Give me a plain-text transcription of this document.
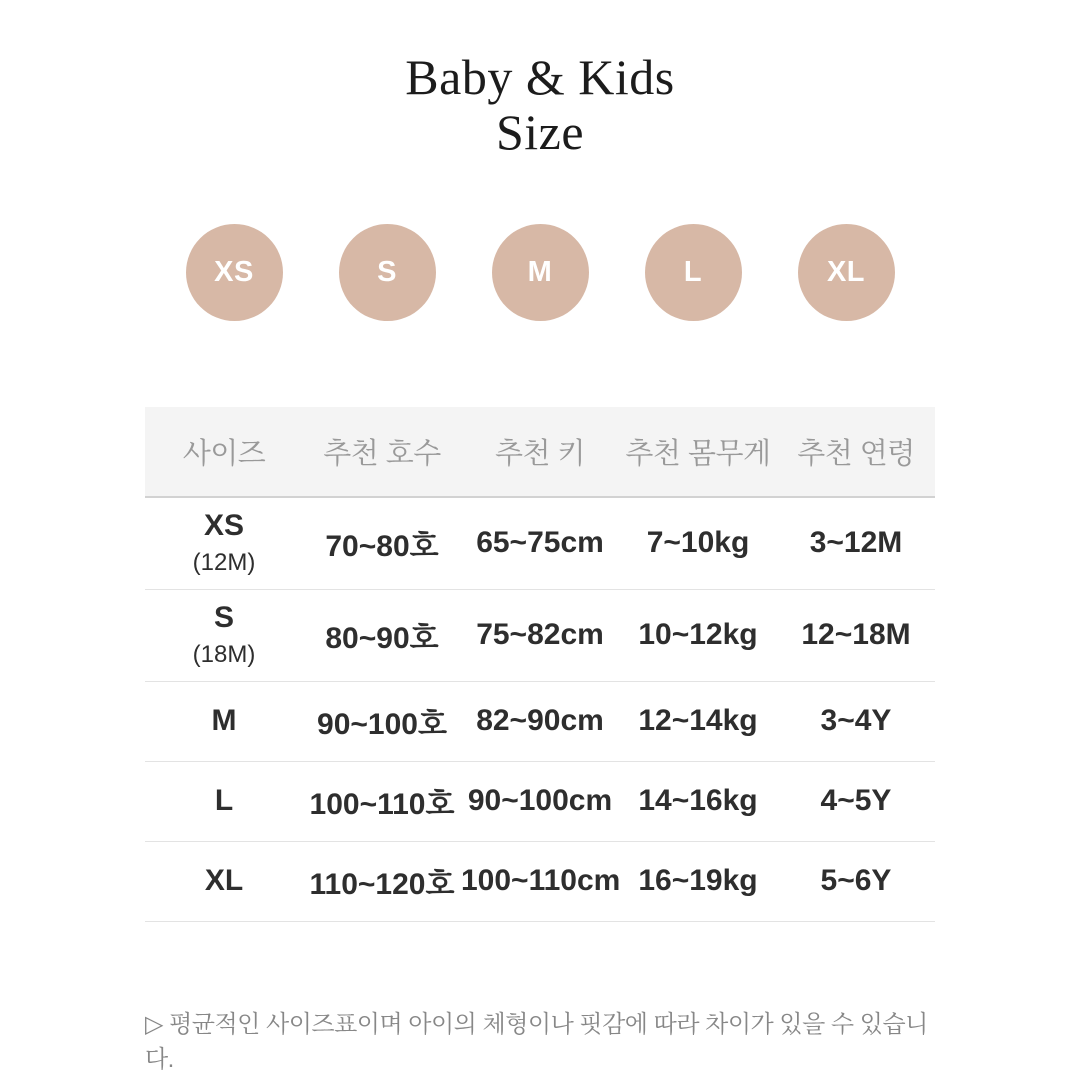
Baby & Kids
Size
XS	S	M	L	XL
사이즈	추천 호수	추천 키	추천 몸무게	추천 연령

XS
(12M)	70~80호	65~75cm	7~10kg	3~12M

S
(18M)	80~90호	75~82cm	10~12kg	12~18M

M	90~100호	82~90cm	12~14kg	3~4Y

L	100~110호	90~100cm	14~16kg	4~5Y

XL	110~120호	100~110cm	16~19kg	5~6Y

▷ 평균적인 사이즈표이며 아이의 체형이나 핏감에 따라 차이가 있을 수 있습니다.
